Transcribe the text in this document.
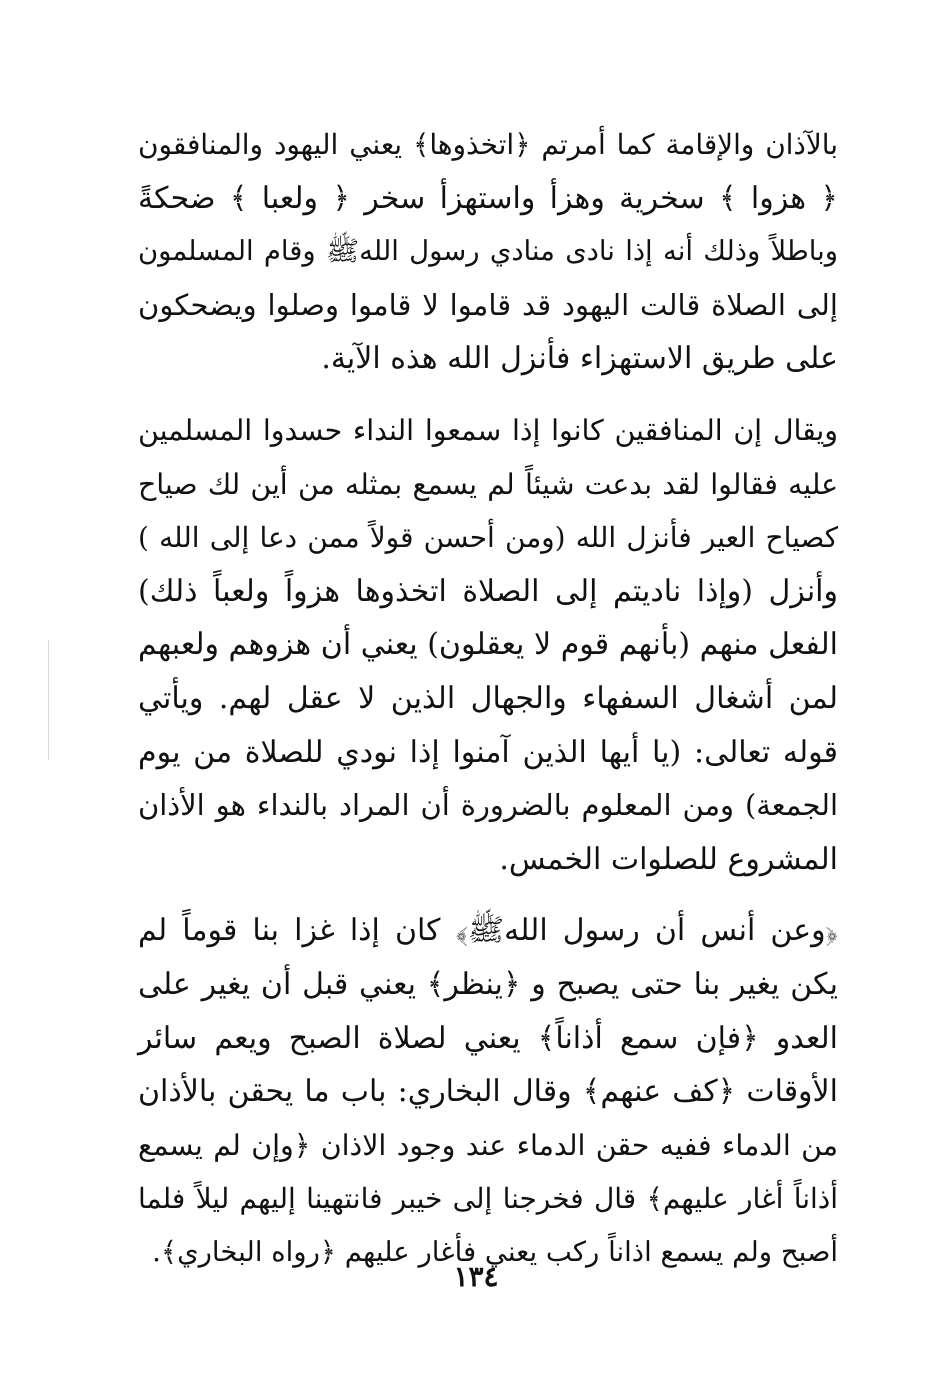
بالآذان والإقامة كما أمرتم ﴿اتخذوها﴾ يعني اليهود والمنافقون
﴿ هزوا ﴾ سخرية وهزأ واستهزأ سخر ﴿ ولعبا ﴾ ضحكةً
وباطلاً وذلك أنه إذا نادى منادي رسول اللهﷺ وقام المسلمون
إلى الصلاة قالت اليهود قد قاموا لا قاموا وصلوا ويضحكون
على طريق الاستهزاء فأنزل الله هذه الآية.
ويقال إن المنافقين كانوا إذا سمعوا النداء حسدوا المسلمين
عليه فقالوا لقد بدعت شيئاً لم يسمع بمثله من أين لك صياح
كصياح العير فأنزل الله (ومن أحسن قولاً ممن دعا إلى الله )
وأنزل (وإذا ناديتم إلى الصلاة اتخذوها هزواً ولعباً ذلك)
الفعل منهم (بأنهم قوم لا يعقلون) يعني أن هزوهم ولعبهم
لمن أشغال السفهاء والجهال الذين لا عقل لهم. ويأتي
قوله تعالى: (يا أيها الذين آمنوا إذا نودي للصلاة من يوم
الجمعة) ومن المعلوم بالضرورة أن المراد بالنداء هو الأذان
المشروع للصلوات الخمس.
﴿وعن أنس أن رسول اللهﷺ﴾ كان إذا غزا بنا قوماً لم
يكن يغير بنا حتى يصبح و ﴿ينظر﴾ يعني قبل أن يغير على
العدو ﴿فإن سمع أذاناً﴾ يعني لصلاة الصبح ويعم سائر
الأوقات ﴿كف عنهم﴾ وقال البخاري: باب ما يحقن بالأذان
من الدماء ففيه حقن الدماء عند وجود الاذان ﴿وإن لم يسمع
أذاناً أغار عليهم﴾ قال فخرجنا إلى خيبر فانتهينا إليهم ليلاً فلما
أصبح ولم يسمع اذاناً ركب يعني فأغار عليهم ﴿رواه البخاري﴾.
١٣٤
